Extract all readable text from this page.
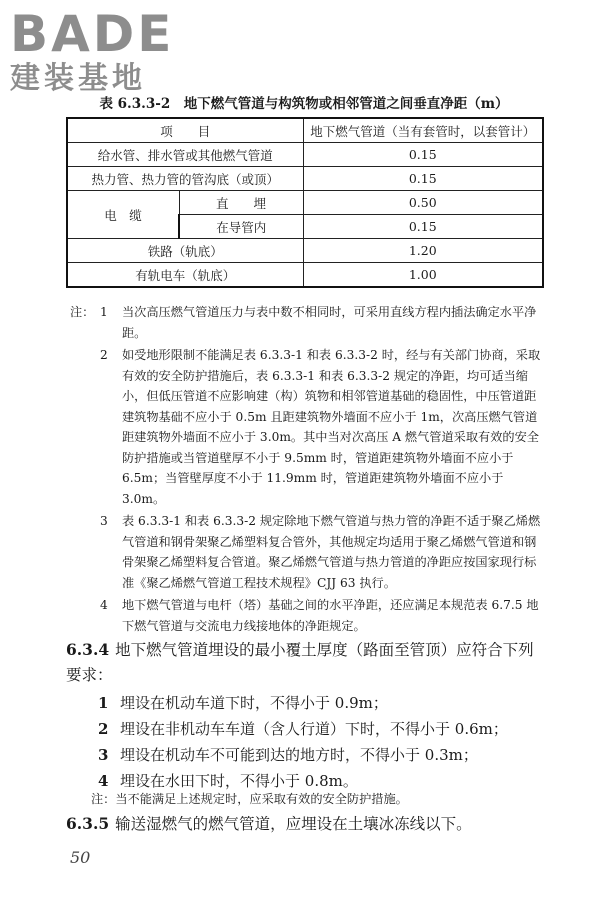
BADE
建装基地
表 6.3.3-2　地下燃气管道与构筑物或相邻管道之间垂直净距（m）
项　　目		地下燃气管道（当有套管时，以套管计）
给水管、排水管或其他燃气管道		0.15
热力管、热力管的管沟底（或顶）		0.15
电　缆	直　　埋	0.50
	在导管内	0.15
铁路（轨底）		1.20
有轨电车（轨底）		1.00
注： 1	当次高压燃气管道压力与表中数不相同时，可采用直线方程内插法确定水平净距。
2	如受地形限制不能满足表 6.3.3-1 和表 6.3.3-2 时，经与有关部门协商，采取有效的安全防护措施后，表 6.3.3-1 和表 6.3.3-2 规定的净距，均可适当缩小，但低压管道不应影响建（构）筑物和相邻管道基础的稳固性，中压管道距建筑物基础不应小于 0.5m 且距建筑物外墙面不应小于 1m，次高压燃气管道距建筑物外墙面不应小于 3.0m。其中当对次高压 A 燃气管道采取有效的安全防护措施或当管道壁厚不小于 9.5mm 时，管道距建筑物外墙面不应小于 6.5m；当管壁厚度不小于 11.9mm 时，管道距建筑物外墙面不应小于 3.0m。
3	表 6.3.3-1 和表 6.3.3-2 规定除地下燃气管道与热力管的净距不适于聚乙烯燃气管道和钢骨架聚乙烯塑料复合管外，其他规定均适用于聚乙烯燃气管道和钢骨架聚乙烯塑料复合管道。聚乙烯燃气管道与热力管道的净距应按国家现行标准《聚乙烯燃气管道工程技术规程》CJJ 63 执行。
4	地下燃气管道与电杆（塔）基础之间的水平净距，还应满足本规范表 6.7.5 地下燃气管道与交流电力线接地体的净距规定。
6.3.4 地下燃气管道埋设的最小覆土厚度（路面至管顶）应符合下列要求：
1 埋设在机动车道下时，不得小于 0.9m；
2 埋设在非机动车车道（含人行道）下时，不得小于 0.6m；
3 埋设在机动车不可能到达的地方时，不得小于 0.3m；
4 埋设在水田下时，不得小于 0.8m。
注：当不能满足上述规定时，应采取有效的安全防护措施。
6.3.5 输送湿燃气的燃气管道，应埋设在土壤冰冻线以下。
50
